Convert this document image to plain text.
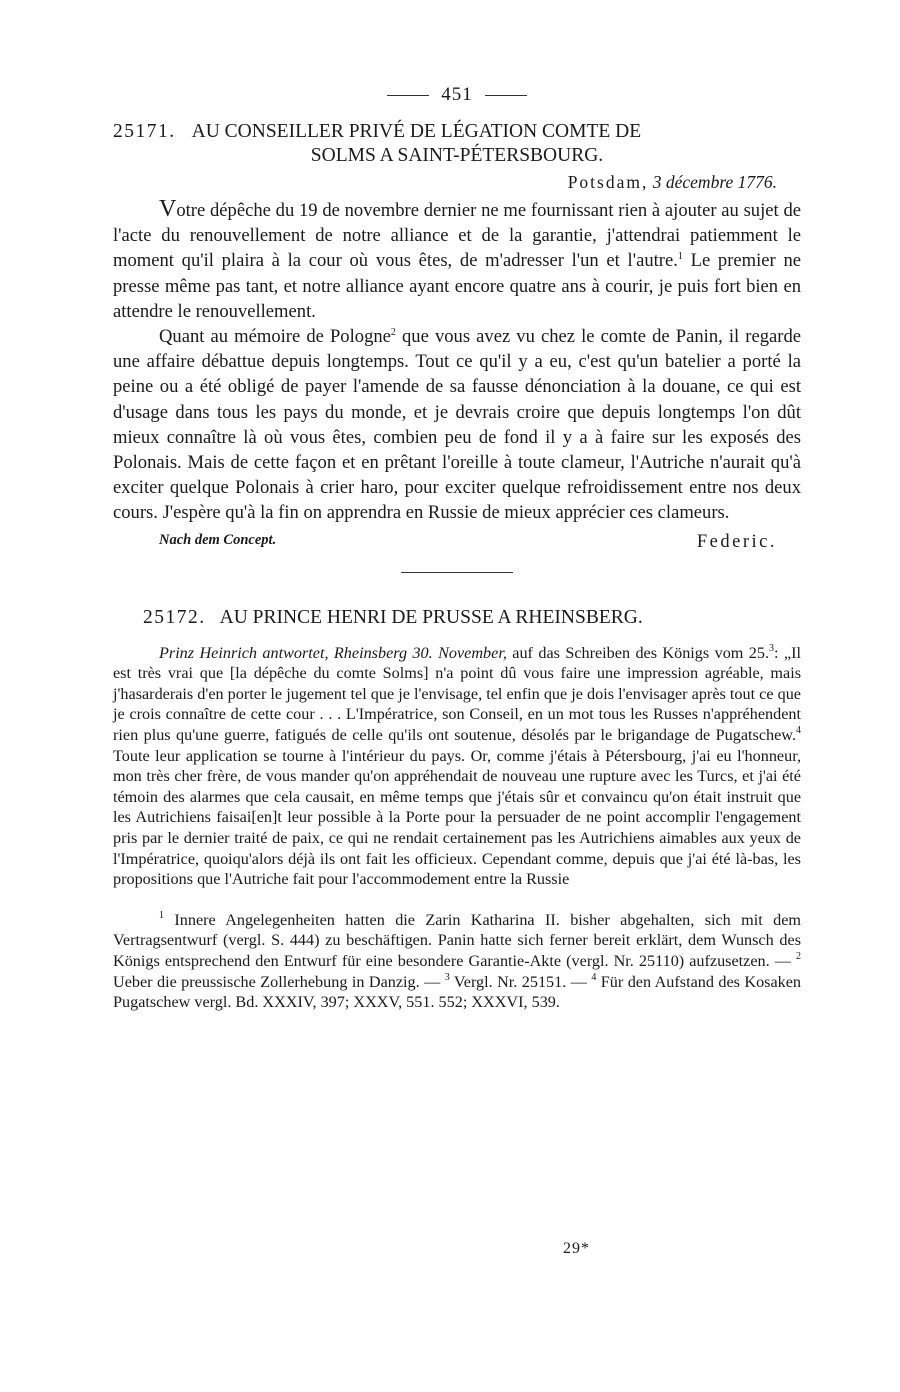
451
25171. AU CONSEILLER PRIVÉ DE LÉGATION COMTE DE
SOLMS A SAINT-PÉTERSBOURG.
Potsdam, 3 décembre 1776.

Votre dépêche du 19 de novembre dernier ne me fournissant rien à ajouter au sujet de l'acte du renouvellement de notre alliance et de la garantie, j'attendrai patiemment le moment qu'il plaira à la cour où vous êtes, de m'adresser l'un et l'autre.$^1$ Le premier ne presse même pas tant, et notre alliance ayant encore quatre ans à courir, je puis fort bien en attendre le renouvellement.

Quant au mémoire de Pologne$^2$ que vous avez vu chez le comte de Panin, il regarde une affaire débattue depuis longtemps. Tout ce qu'il y a eu, c'est qu'un batelier a porté la peine ou a été obligé de payer l'amende de sa fausse dénonciation à la douane, ce qui est d'usage dans tous les pays du monde, et je devrais croire que depuis longtemps l'on dût mieux connaître là où vous êtes, combien peu de fond il y a à faire sur les exposés des Polonais. Mais de cette façon et en prêtant l'oreille à toute clameur, l'Autriche n'aurait qu'à exciter quelque Polonais à crier haro, pour exciter quelque refroidissement entre nos deux cours. J'espère qu'à la fin on apprendra en Russie de mieux apprécier ces clameurs.

Nach dem Concept.	Federic.
25172. AU PRINCE HENRI DE PRUSSE A RHEINSBERG.

Prinz Heinrich antwortet, Rheinsberg 30. November, auf das Schreiben des Königs vom 25.$^3$: „Il est très vrai que [la dépêche du comte Solms] n'a point dû vous faire une impression agréable, mais j'hasarderais d'en porter le jugement tel que je l'envisage, tel enfin que je dois l'envisager après tout ce que je crois connaître de cette cour . . . L'Impératrice, son Conseil, en un mot tous les Russes n'appréhendent rien plus qu'une guerre, fatigués de celle qu'ils ont soutenue, désolés par le brigandage de Pugatschew.$^4$ Toute leur application se tourne à l'intérieur du pays. Or, comme j'étais à Pétersbourg, j'ai eu l'honneur, mon très cher frère, de vous mander qu'on appréhendait de nouveau une rupture avec les Turcs, et j'ai été témoin des alarmes que cela causait, en même temps que j'étais sûr et convaincu qu'on était instruit que les Autrichiens faisai[en]t leur possible à la Porte pour la persuader de ne point accomplir l'engagement pris par le dernier traité de paix, ce qui ne rendait certainement pas les Autrichiens aimables aux yeux de l'Impératrice, quoiqu'alors déjà ils ont fait les officieux. Cependant comme, depuis que j'ai été là-bas, les propositions que l'Autriche fait pour l'accommodement entre la Russie

$^1$ Innere Angelegenheiten hatten die Zarin Katharina II. bisher abgehalten, sich mit dem Vertragsentwurf (vergl. S. 444) zu beschäftigen. Panin hatte sich ferner bereit erklärt, dem Wunsch des Königs entsprechend den Entwurf für eine besondere Garantie-Akte (vergl. Nr. 25110) aufzusetzen. — $^2$ Ueber die preussische Zollerhebung in Danzig. — $^3$ Vergl. Nr. 25151. — $^4$ Für den Aufstand des Kosaken Pugatschew vergl. Bd. XXXIV, 397; XXXV, 551. 552; XXXVI, 539.

29*
